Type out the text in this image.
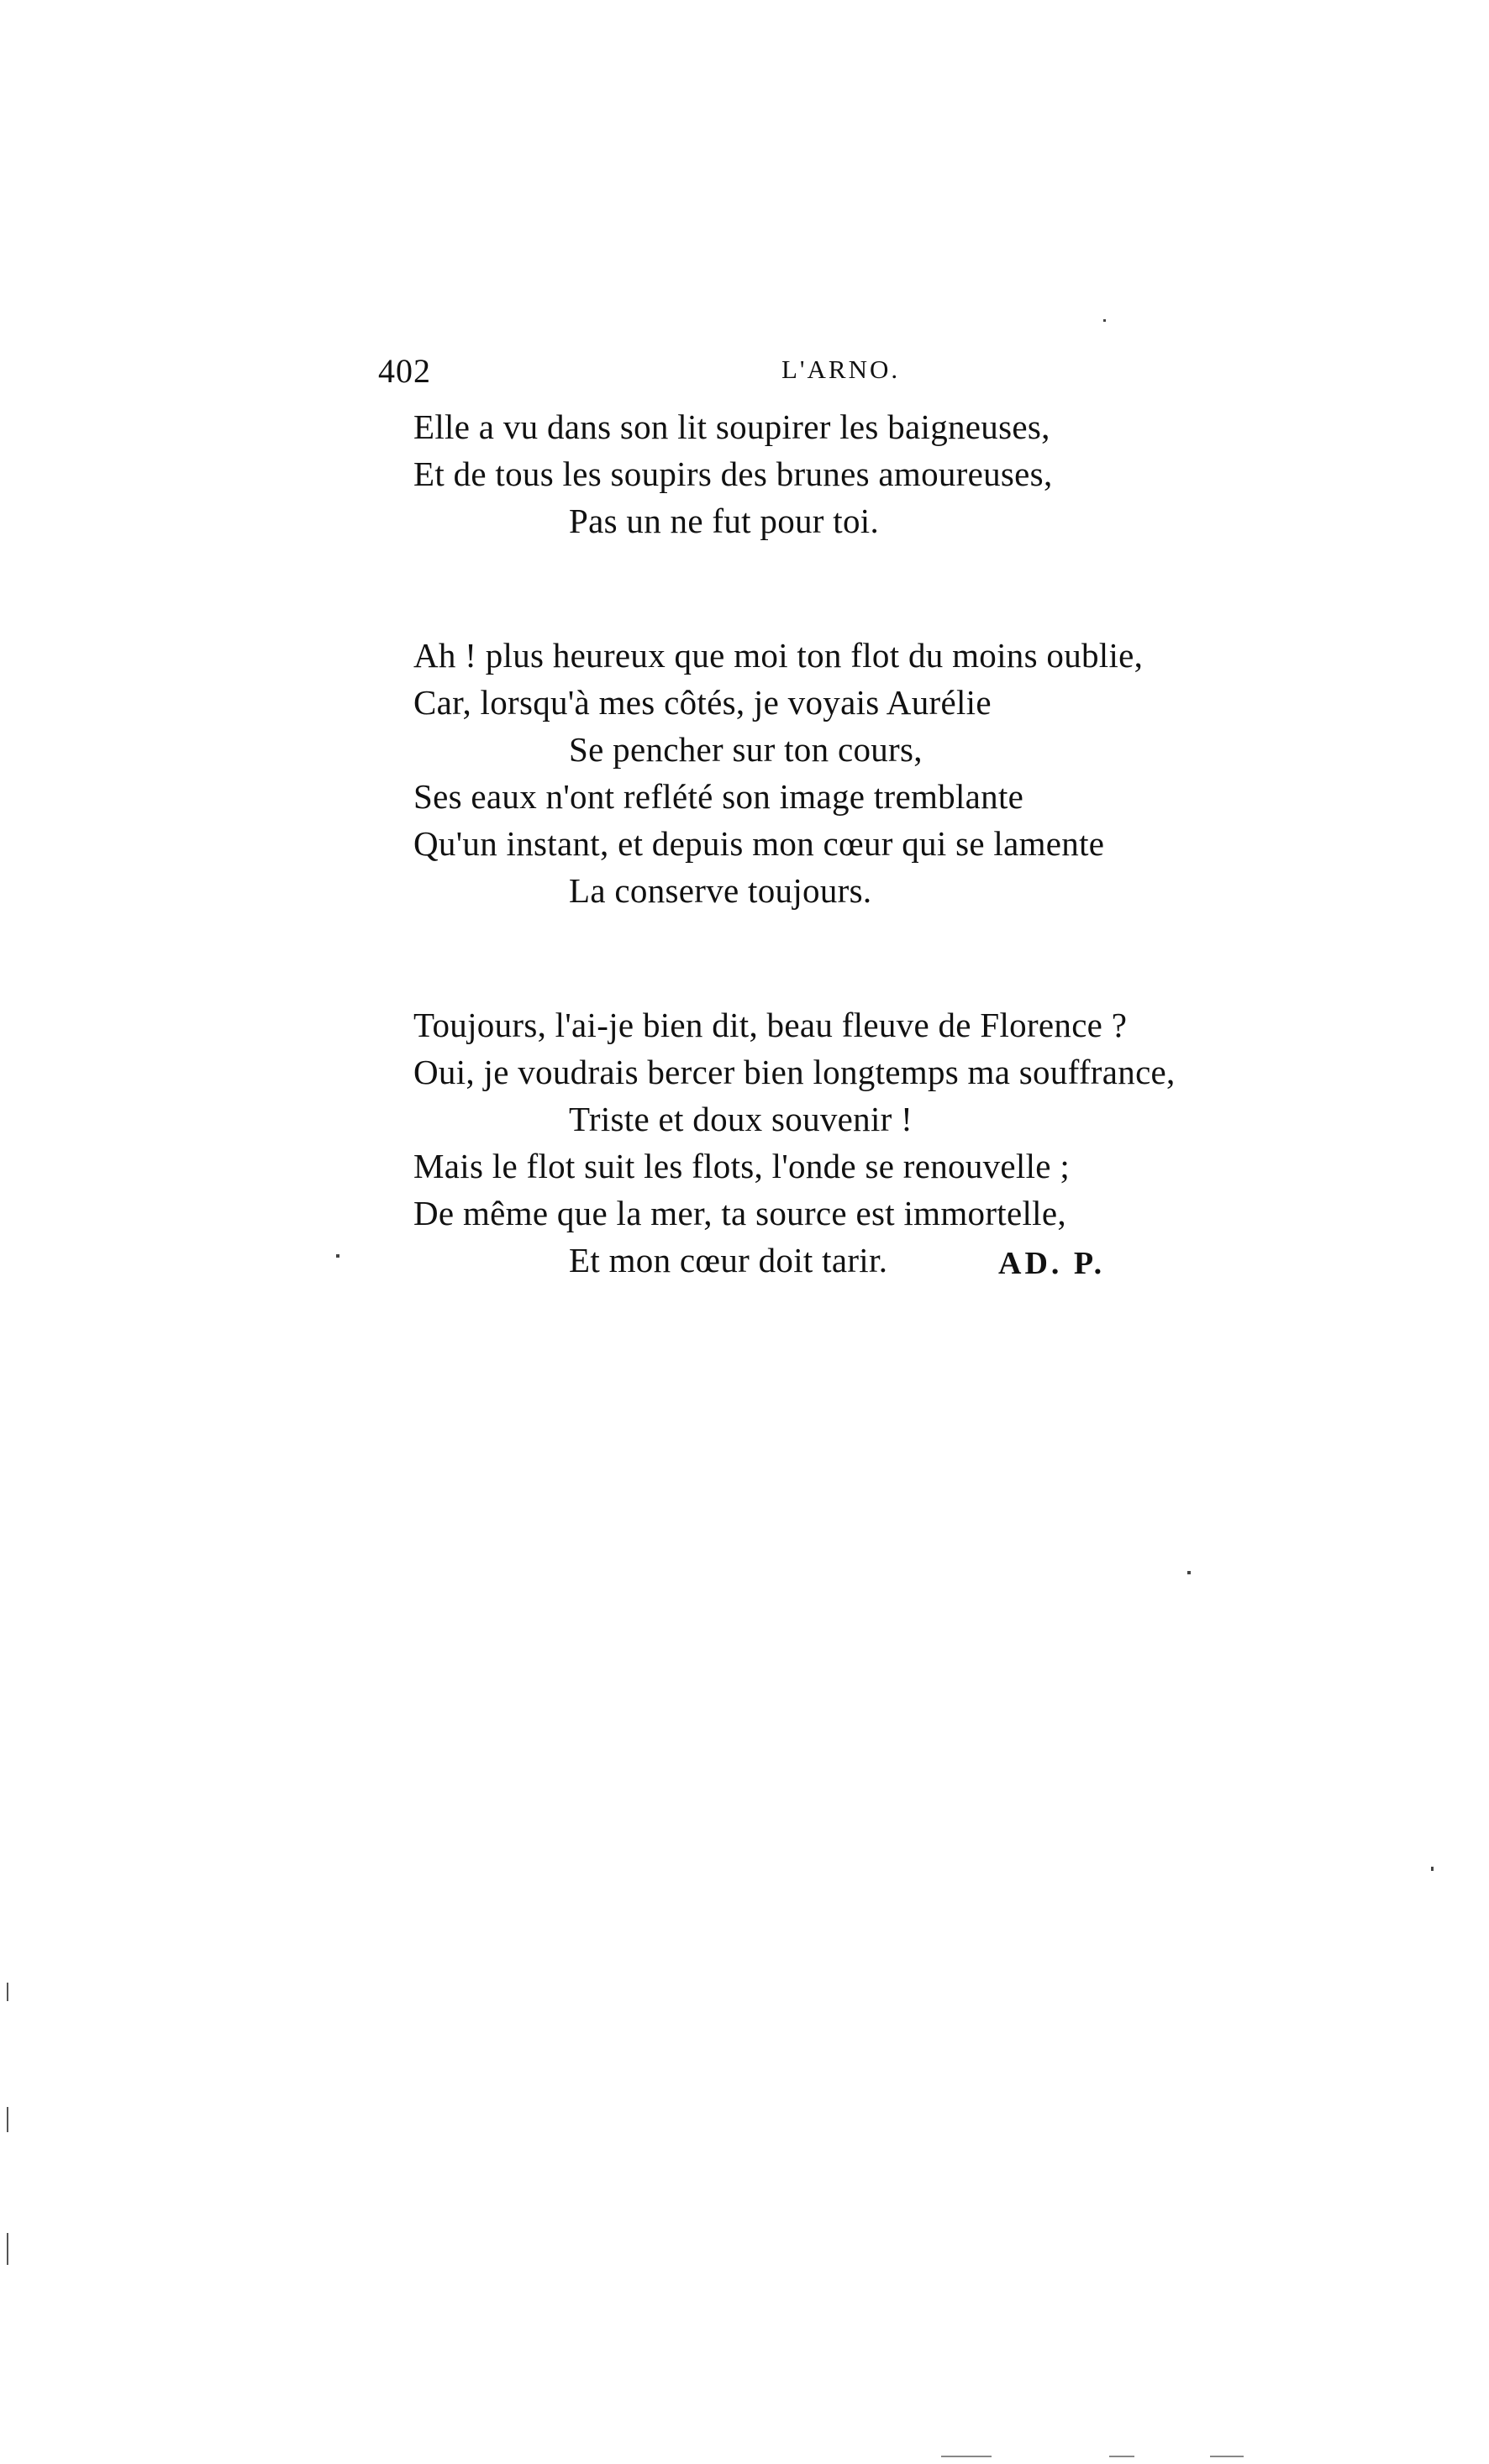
402	L'ARNO.
Elle a vu dans son lit soupirer les baigneuses,
Et de tous les soupirs des brunes amoureuses,
Pas un ne fut pour toi.
Ah ! plus heureux que moi ton flot du moins oublie,
Car, lorsqu'à mes côtés, je voyais Aurélie
Se pencher sur ton cours,
Ses eaux n'ont reflété son image tremblante
Qu'un instant, et depuis mon cœur qui se lamente
La conserve toujours.
Toujours, l'ai-je bien dit, beau fleuve de Florence ?
Oui, je voudrais bercer bien longtemps ma souffrance,
Triste et doux souvenir !
Mais le flot suit les flots, l'onde se renouvelle ;
De même que la mer, ta source est immortelle,
Et mon cœur doit tarir.	AD. P.
